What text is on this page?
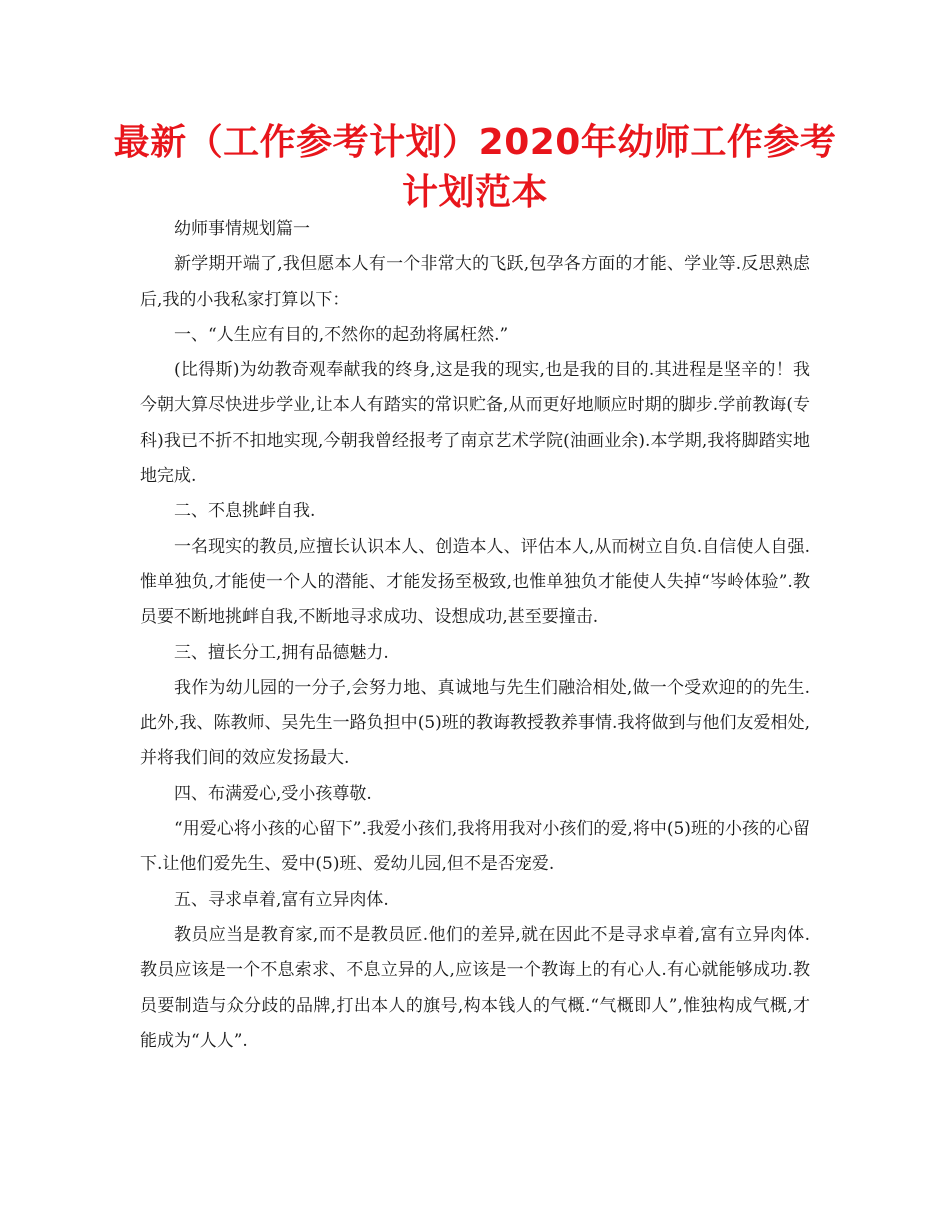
最新（工作参考计划）2020年幼师工作参考计划范本

幼师事情规划篇一

新学期开端了,我但愿本人有一个非常大的飞跃,包孕各方面的才能、学业等.反思熟虑后,我的小我私家打算以下：

一、“人生应有目的,不然你的起劲将属枉然.”

(比得斯)为幼教奇观奉献我的终身,这是我的现实,也是我的目的.其进程是坚辛的！我今朝大算尽快进步学业,让本人有踏实的常识贮备,从而更好地顺应时期的脚步.学前教诲(专科)我已不折不扣地实现,今朝我曾经报考了南京艺术学院(油画业余).本学期,我将脚踏实地地完成.

二、不息挑衅自我.

一名现实的教员,应擅长认识本人、创造本人、评估本人,从而树立自负.自信使人自强.惟单独负,才能使一个人的潜能、才能发扬至极致,也惟单独负才能使人失掉“岑岭体验”.教员要不断地挑衅自我,不断地寻求成功、设想成功,甚至要撞击.

三、擅长分工,拥有品德魅力.

我作为幼儿园的一分子,会努力地、真诚地与先生们融洽相处,做一个受欢迎的的先生.此外,我、陈教师、吴先生一路负担中(5)班的教诲教授教养事情.我将做到与他们友爱相处,并将我们间的效应发扬最大.

四、布满爱心,受小孩尊敬.

“用爱心将小孩的心留下”.我爱小孩们,我将用我对小孩们的爱,将中(5)班的小孩的心留下.让他们爱先生、爱中(5)班、爱幼儿园,但不是否宠爱.

五、寻求卓着,富有立异肉体.

教员应当是教育家,而不是教员匠.他们的差异,就在因此不是寻求卓着,富有立异肉体.教员应该是一个不息索求、不息立异的人,应该是一个教诲上的有心人.有心就能够成功.教员要制造与众分歧的品牌,打出本人的旗号,构本钱人的气概.“气概即人”,惟独构成气概,才能成为“人人”.
